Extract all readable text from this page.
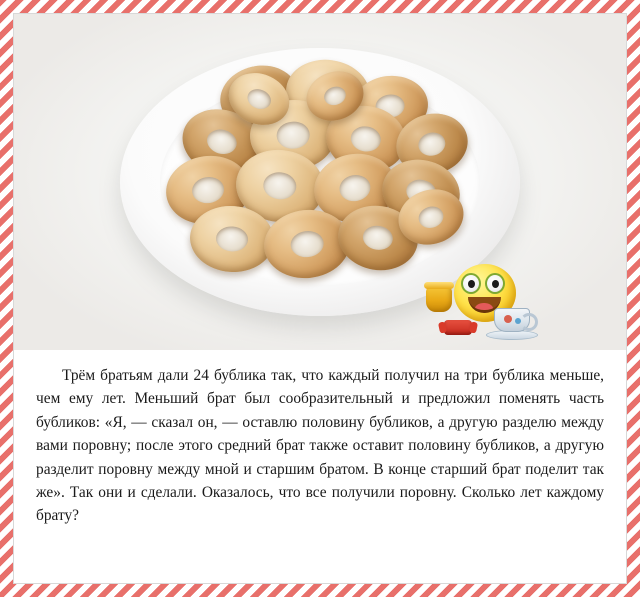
Трём братьям дали 24 бублика так, что каждый получил на три бублика меньше, чем ему лет. Меньший брат был сообразительный и предложил поменять часть бубликов: «Я, — сказал он, — оставлю половину бубликов, а другую разделю между вами поровну; после этого средний брат также оставит половину бубликов, а другую разделит поровну между мной и старшим братом. В конце старший брат поделит так же». Так они и сделали. Оказалось, что все получили поровну. Сколько лет каждому брату?
